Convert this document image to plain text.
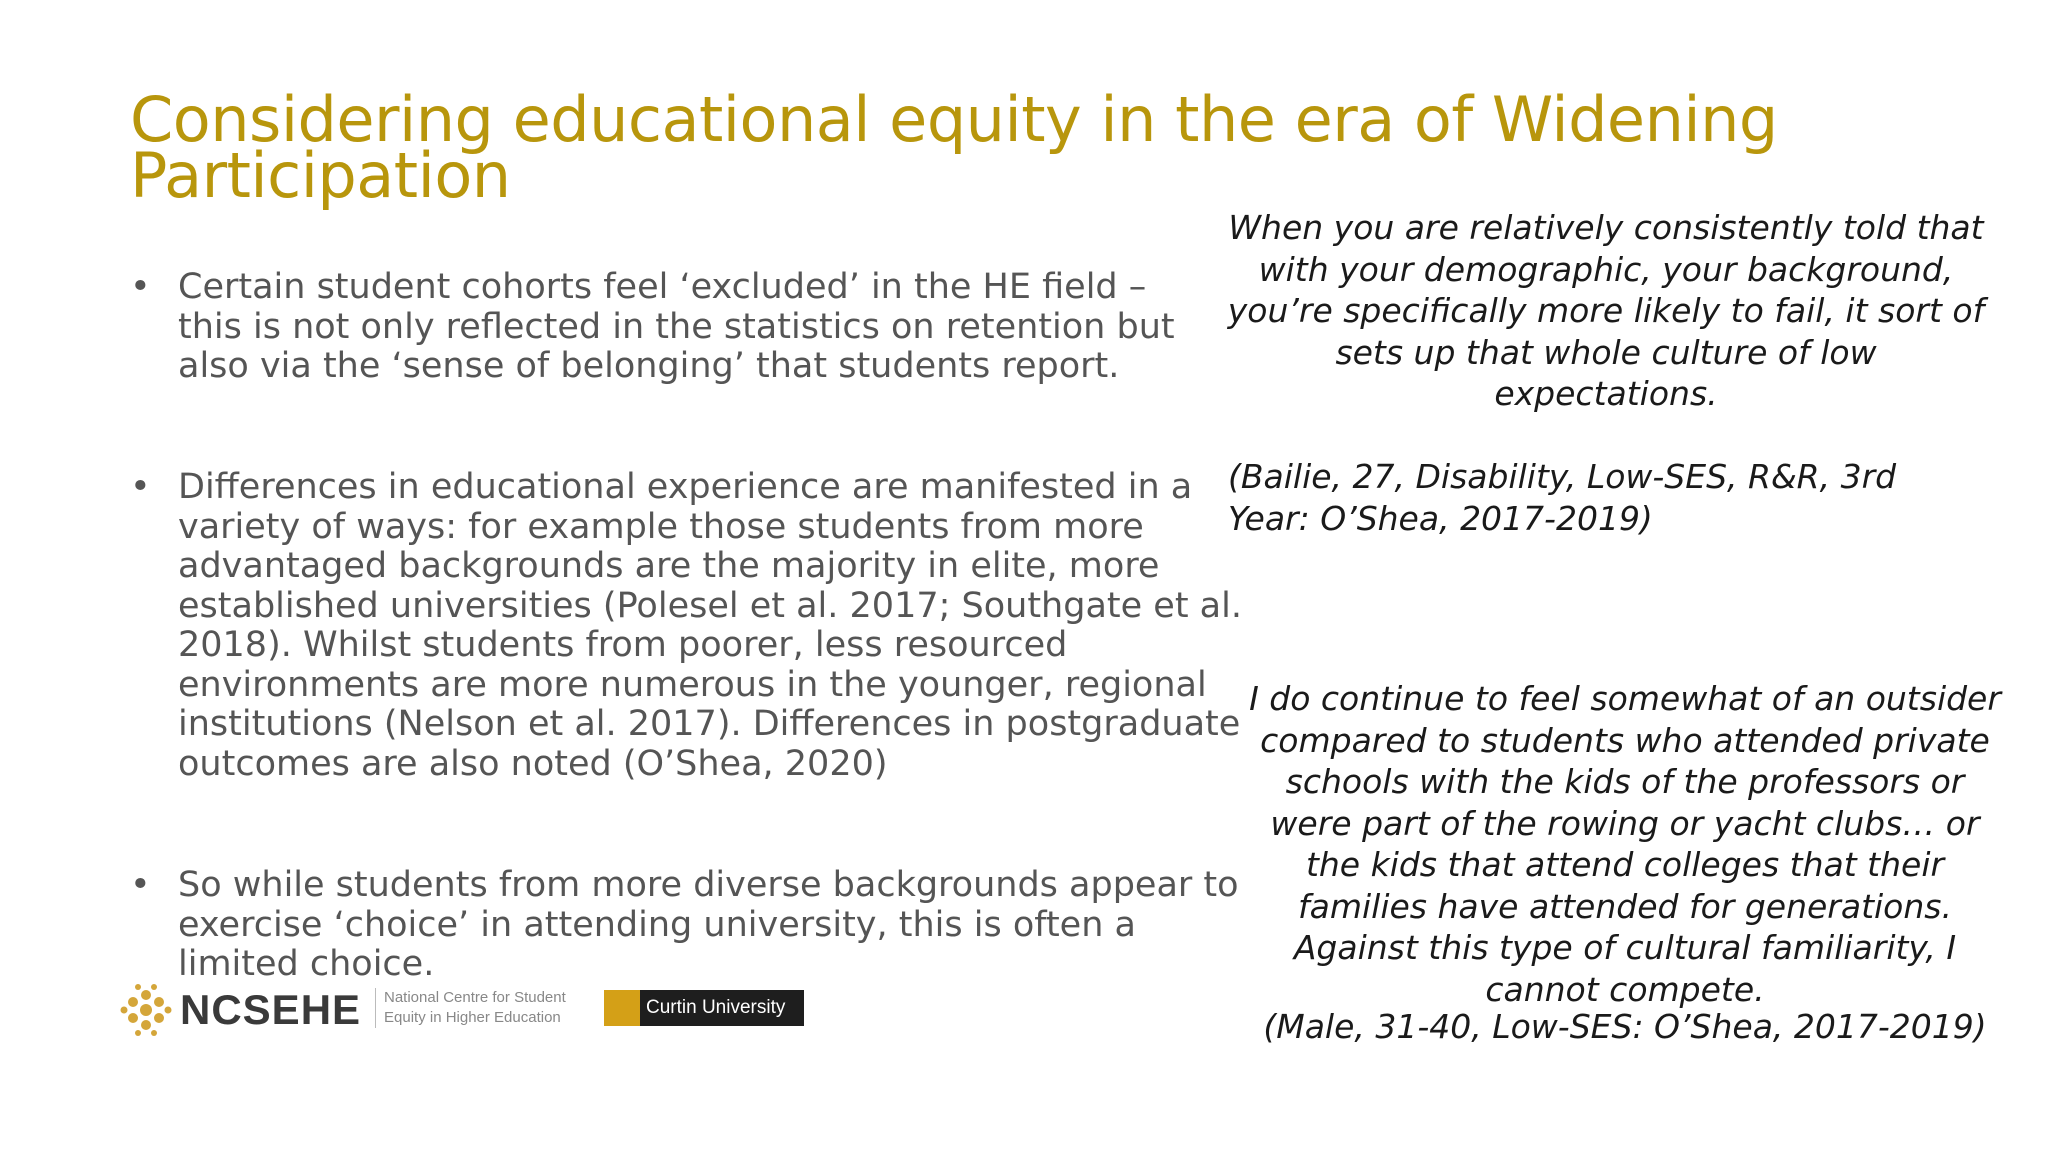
Considering educational equity in the era of Widening Participation
• Certain student cohorts feel ‘excluded’ in the HE field – this is not only reflected in the statistics on retention but also via the ‘sense of belonging’ that students report.
• Differences in educational experience are manifested in a variety of ways: for example those students from more advantaged backgrounds are the majority in elite, more established universities (Polesel et al. 2017; Southgate et al. 2018). Whilst students from poorer, less resourced environments are more numerous in the younger, regional institutions (Nelson et al. 2017). Differences in postgraduate outcomes are also noted (O’Shea, 2020)
• So while students from more diverse backgrounds appear to exercise ‘choice’ in attending university, this is often a limited choice.
When you are relatively consistently told that with your demographic, your background, you’re specifically more likely to fail, it sort of sets up that whole culture of low expectations.
(Bailie, 27, Disability, Low-SES, R&R, 3rd Year: O’Shea, 2017-2019)
I do continue to feel somewhat of an outsider compared to students who attended private schools with the kids of the professors or were part of the rowing or yacht clubs… or the kids that attend colleges that their families have attended for generations. Against this type of cultural familiarity, I cannot compete.
(Male, 31-40, Low-SES: O’Shea, 2017-2019)
NCSEHE	National Centre for Student Equity in Higher Education	Curtin University
